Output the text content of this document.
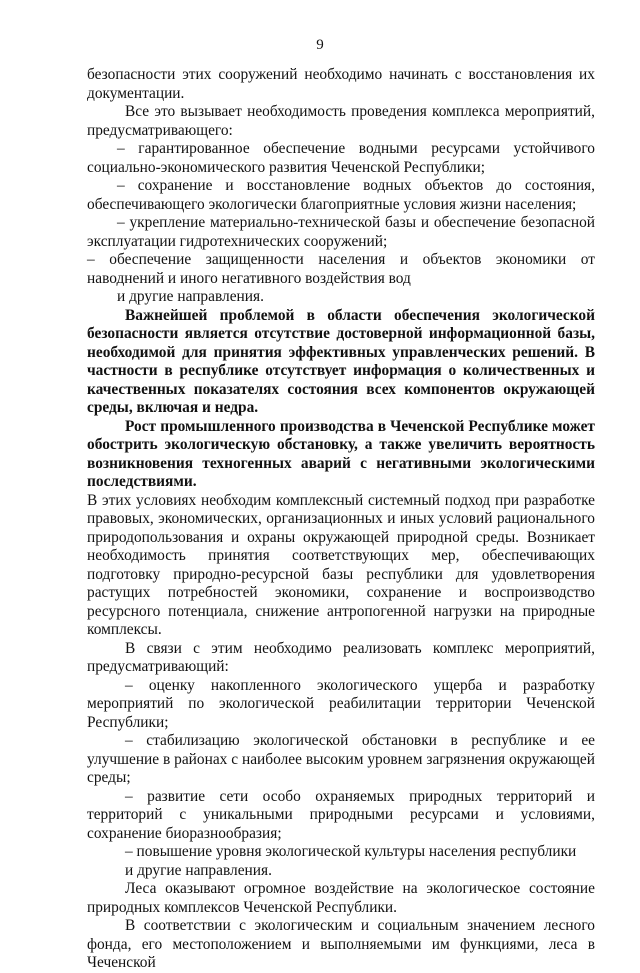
9

безопасности этих сооружений необходимо начинать с восстановления их документации.

Все это вызывает необходимость проведения комплекса мероприятий, предусматривающего:

– гарантированное обеспечение водными ресурсами устойчивого социально-экономического развития Чеченской Республики;

– сохранение и восстановление водных объектов до состояния, обеспечивающего экологически благоприятные условия жизни населения;

– укрепление материально-технической базы и обеспечение безопасной эксплуатации гидротехнических сооружений;

– обеспечение защищенности населения и объектов экономики от наводнений и иного негативного воздействия вод

и другие направления.

Важнейшей проблемой в области обеспечения экологической безопасности является отсутствие достоверной информационной базы, необходимой для принятия эффективных управленческих решений. В частности в республике отсутствует информация о количественных и качественных показателях состояния всех компонентов окружающей среды, включая и недра.

Рост промышленного производства в Чеченской Республике может обострить экологическую обстановку, а также увеличить вероятность возникновения техногенных аварий с негативными экологическими последствиями.

В этих условиях необходим комплексный системный подход при разработке правовых, экономических, организационных и иных условий рационального природопользования и охраны окружающей природной среды. Возникает необходимость принятия соответствующих мер, обеспечивающих подготовку природно-ресурсной базы республики для удовлетворения растущих потребностей экономики, сохранение и воспроизводство ресурсного потенциала, снижение антропогенной нагрузки на природные комплексы.

В связи с этим необходимо реализовать комплекс мероприятий, предусматривающий:

– оценку накопленного экологического ущерба и разработку мероприятий по экологической реабилитации территории Чеченской Республики;

– стабилизацию экологической обстановки в республике и ее улучшение в районах с наиболее высоким уровнем загрязнения окружающей среды;

– развитие сети особо охраняемых природных территорий и территорий с уникальными природными ресурсами и условиями, сохранение биоразнообразия;

– повышение уровня экологической культуры населения республики

и другие направления.

Леса оказывают огромное воздействие на экологическое состояние природных комплексов Чеченской Республики.

В соответствии с экологическим и социальным значением лесного фонда, его местоположением и выполняемыми им функциями, леса в Чеченской
